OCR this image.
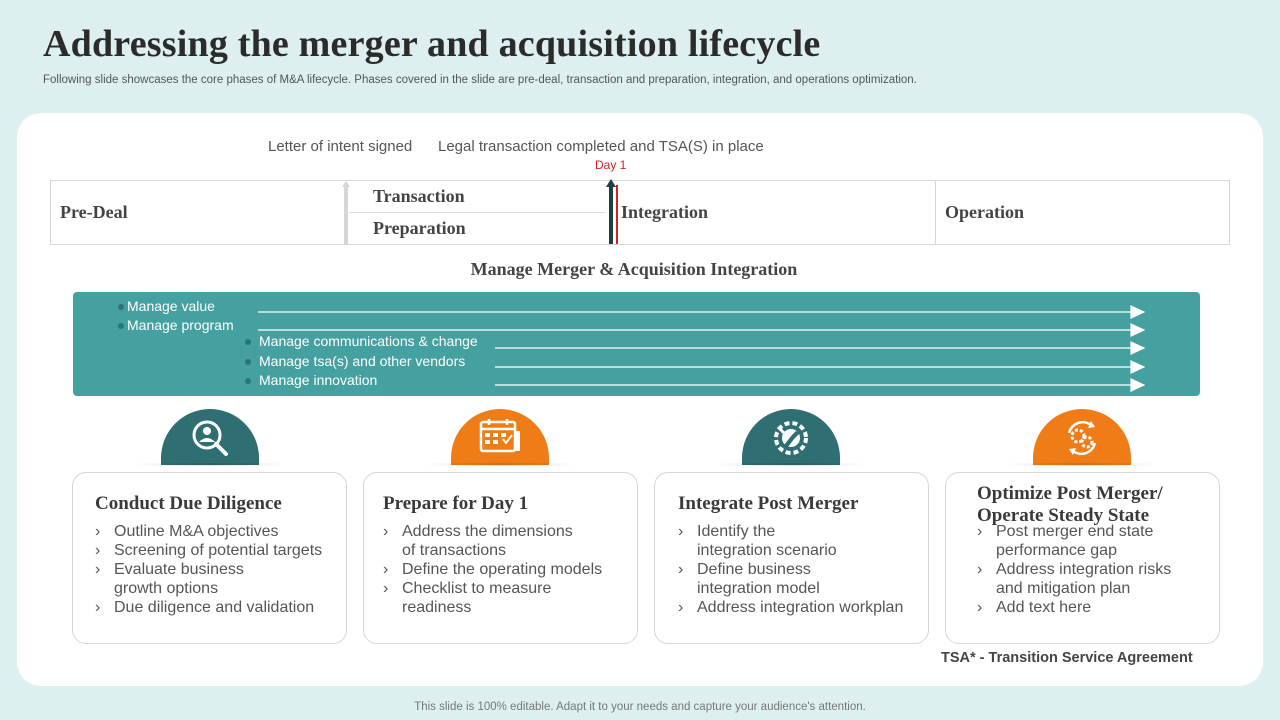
Addressing the merger and acquisition lifecycle

Following slide showcases the core phases of M&A lifecycle. Phases covered in the slide are pre-deal, transaction and preparation, integration, and operations optimization.

Letter of intent signed Legal transaction completed and TSA(S) in place
Day 1
Pre-Deal
Transaction
Preparation
Integration	Operation
Manage Merger & Acquisition Integration
Manage value
Manage program
Manage communications & change
Manage tsa(s) and other vendors
Manage innovation
Conduct Due Diligence
› Outline M&A objectives
› Screening of potential targets
› Evaluate business growth options
› Due diligence and validation
Prepare for Day 1
› Address the dimensions of transactions
› Define the operating models
› Checklist to measure readiness
Integrate Post Merger
› Identify the integration scenario
› Define business integration model
› Address integration workplan
Optimize Post Merger/ Operate Steady State
› Post merger end state performance gap
› Address integration risks and mitigation plan
› Add text here
TSA* - Transition Service Agreement
This slide is 100% editable. Adapt it to your needs and capture your audience's attention.
